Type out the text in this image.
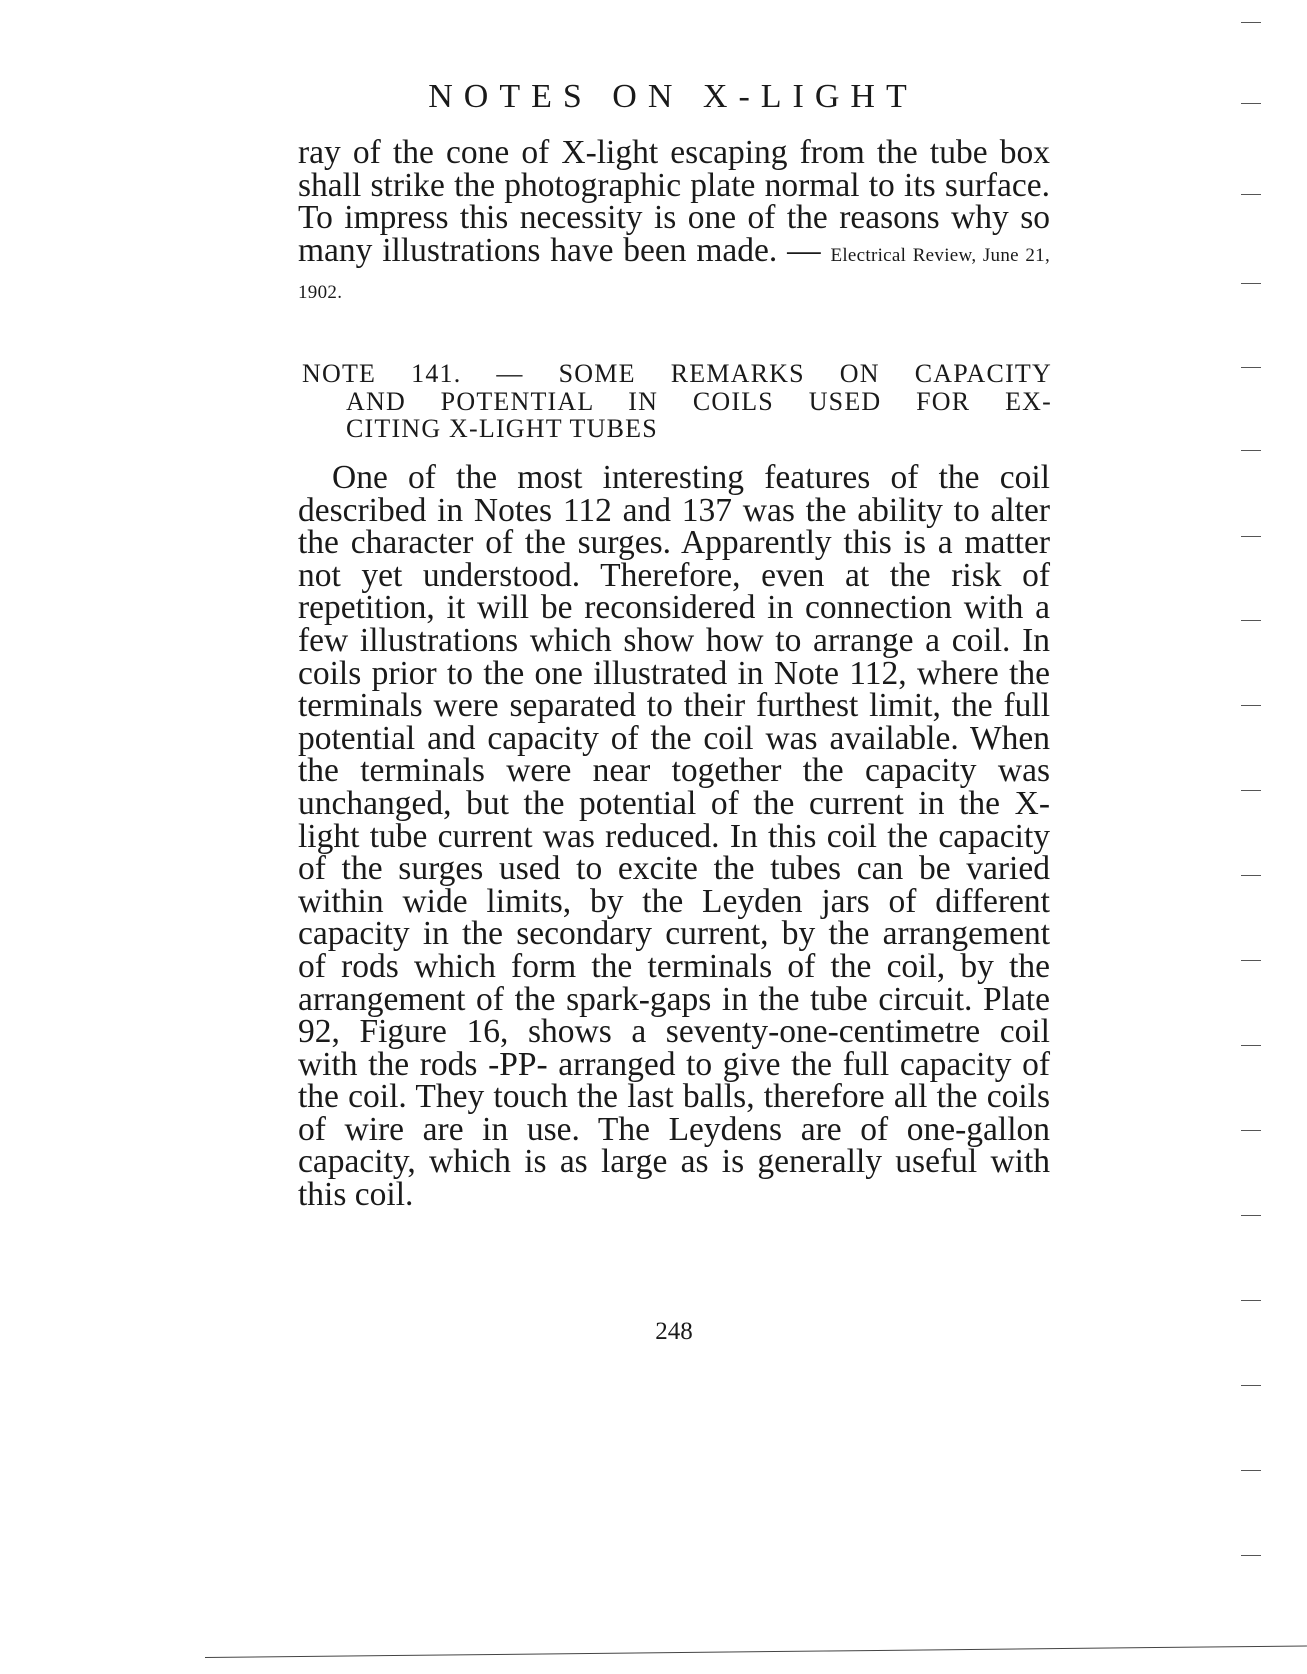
NOTES ON X-LIGHT
ray of the cone of X-light escaping from the tube box shall strike the photographic plate normal to its surface. To impress this necessity is one of the reasons why so many illustrations have been made. — Electrical Review, June 21, 1902.
NOTE 141. — SOME REMARKS ON CAPACITY
AND POTENTIAL IN COILS USED FOR EX-
CITING X-LIGHT TUBES
One of the most interesting features of the coil described in Notes 112 and 137 was the ability to alter the character of the surges. Apparently this is a matter not yet understood. Therefore, even at the risk of repetition, it will be reconsidered in connection with a few illustrations which show how to arrange a coil. In coils prior to the one illustrated in Note 112, where the terminals were separated to their furthest limit, the full potential and capacity of the coil was available. When the terminals were near together the capacity was unchanged, but the potential of the current in the X-light tube current was reduced. In this coil the capacity of the surges used to excite the tubes can be varied within wide limits, by the Leyden jars of different capacity in the secondary current, by the arrangement of rods which form the terminals of the coil, by the arrangement of the spark-gaps in the tube circuit. Plate 92, Figure 16, shows a seventy-one-centimetre coil with the rods -PP- arranged to give the full capacity of the coil. They touch the last balls, therefore all the coils of wire are in use. The Leydens are of one-gallon capacity, which is as large as is generally useful with this coil.
248
